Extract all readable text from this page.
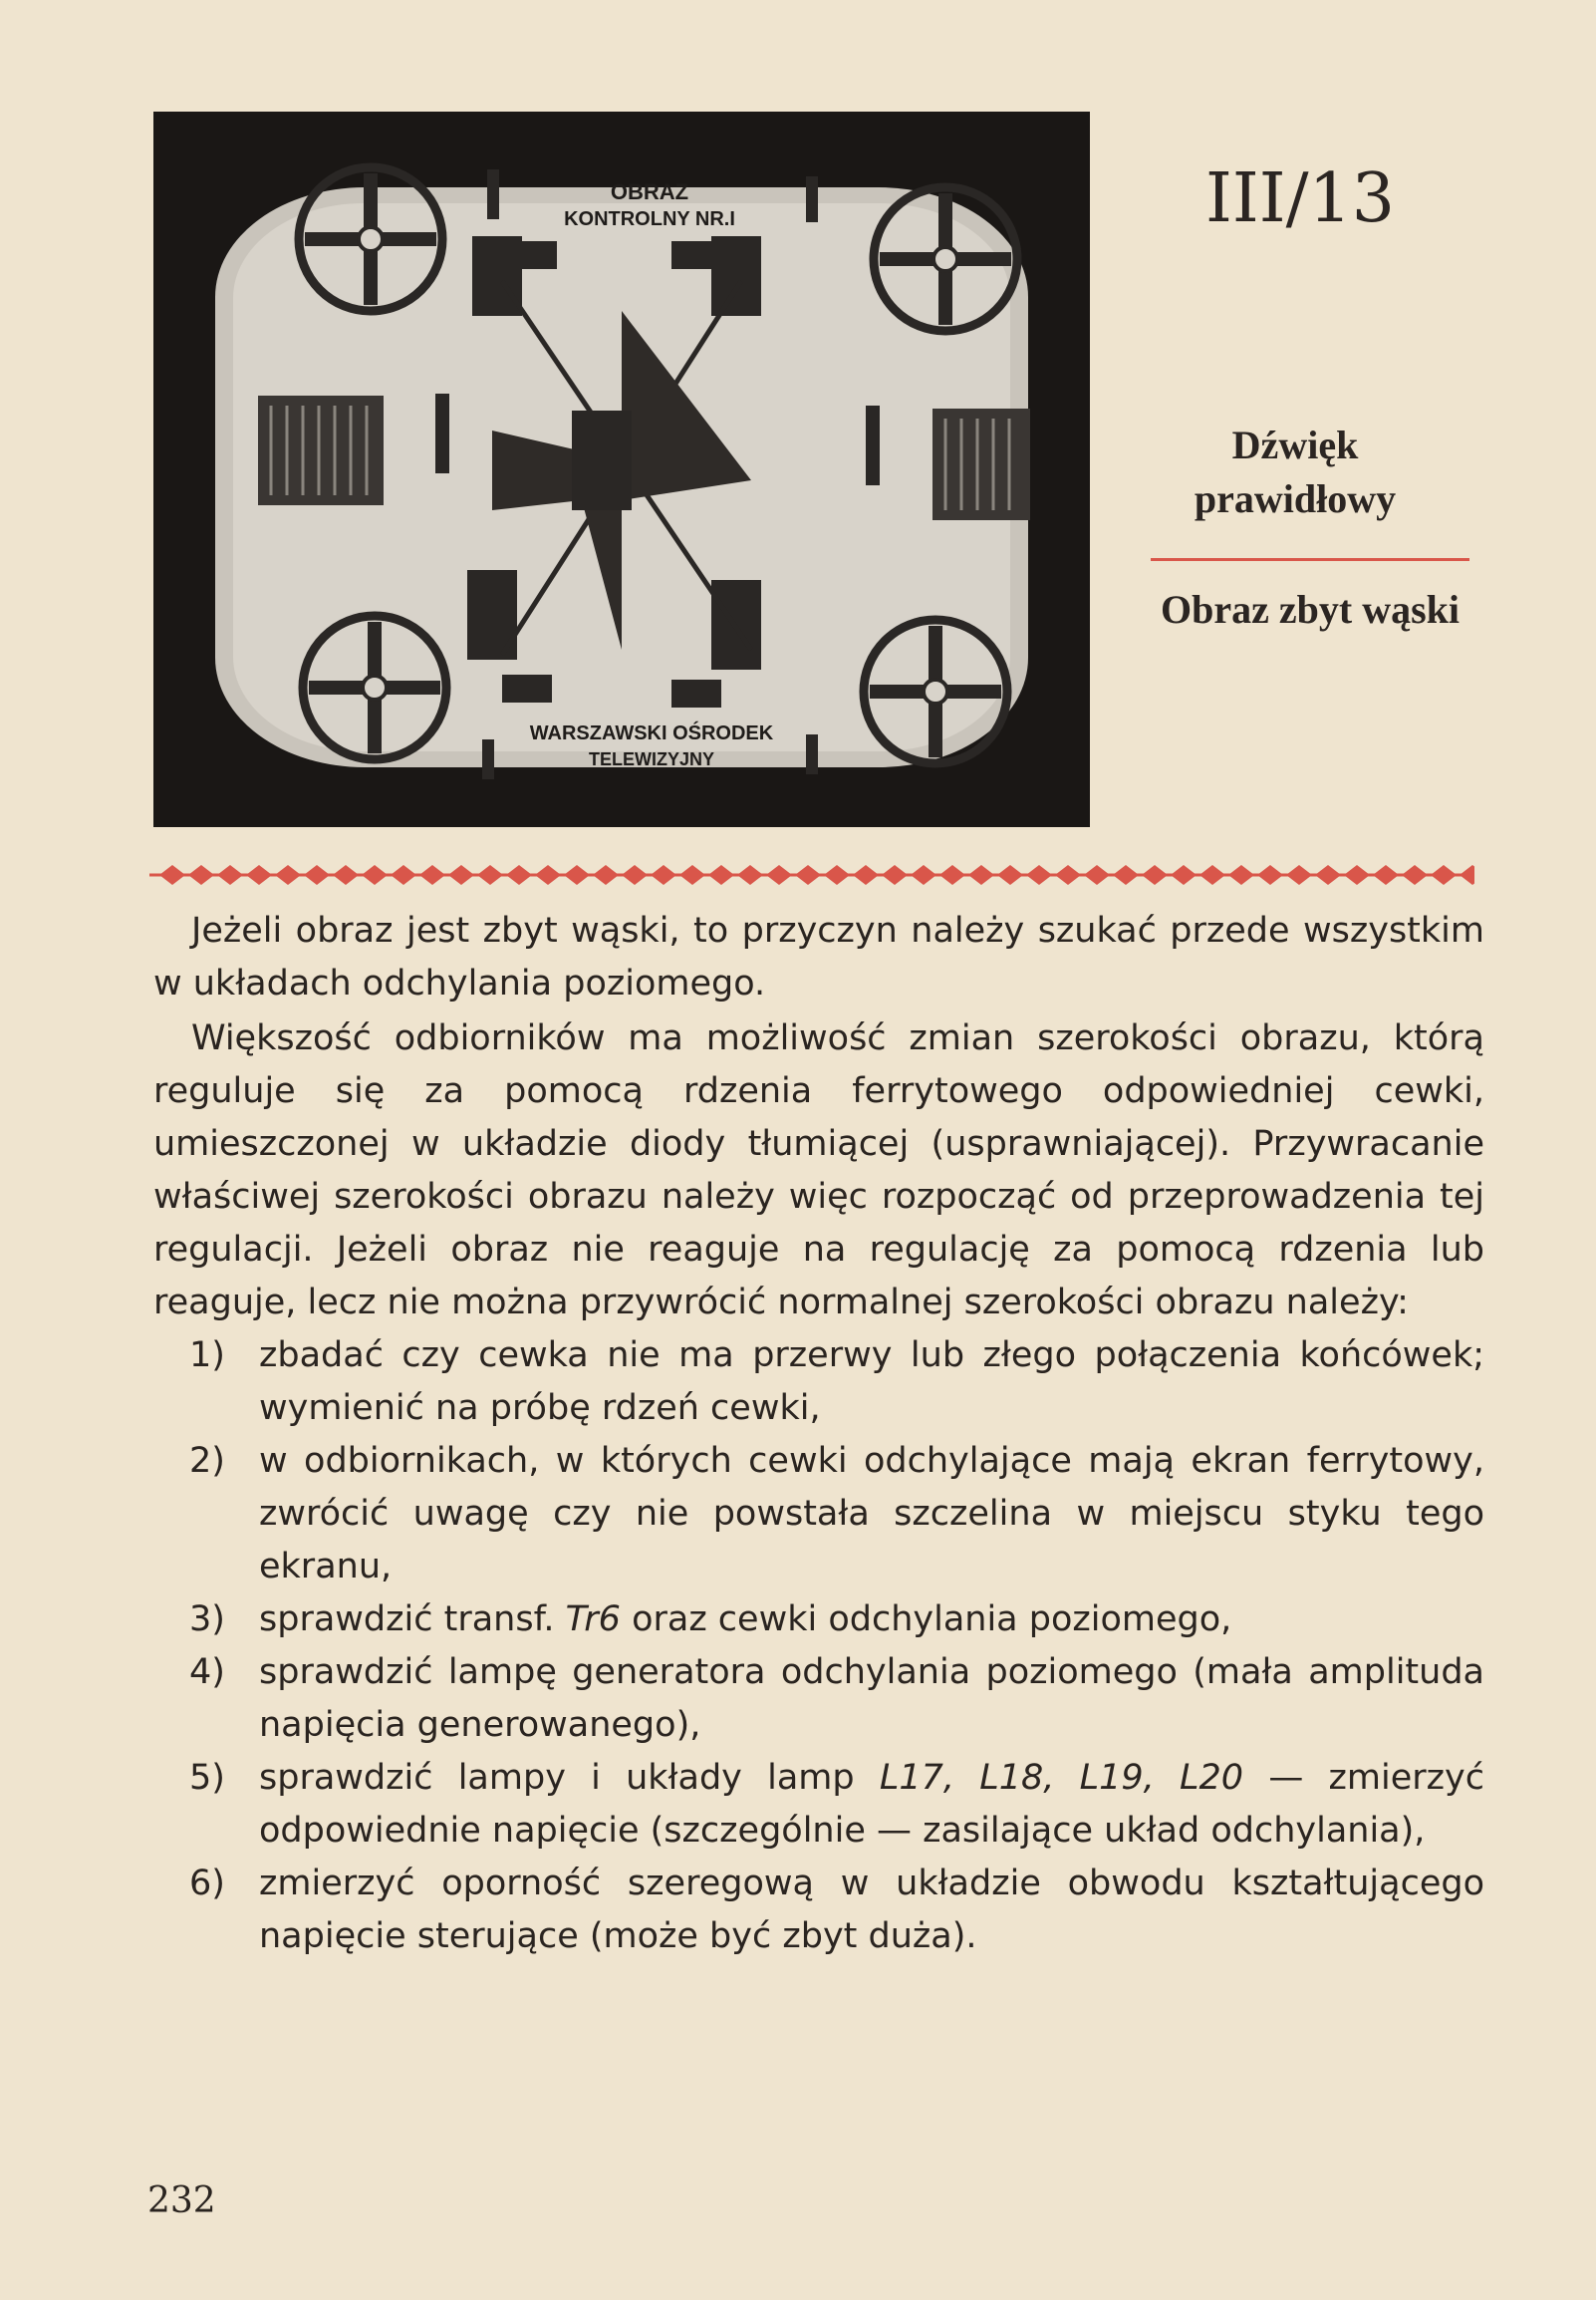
OBRAZ
KONTROLNY NR.I
WARSZAWSKI OŚRODEK
TELEWIZYJNY
III/13
Dźwięk
prawidłowy
Obraz zbyt wąski

Jeżeli obraz jest zbyt wąski, to przyczyn należy szukać przede wszystkim w układach odchylania poziomego.

Większość odbiorników ma możliwość zmian szerokości obrazu, którą reguluje się za pomocą rdzenia ferrytowego odpowiedniej cewki, umieszczonej w układzie diody tłumiącej (usprawniającej). Przywracanie właściwej szerokości obrazu należy więc rozpocząć od przeprowadzenia tej regulacji. Jeżeli obraz nie reaguje na regulację za pomocą rdzenia lub reaguje, lecz nie można przywrócić normalnej szerokości obrazu należy:

1) zbadać czy cewka nie ma przerwy lub złego połączenia końcówek; wymienić na próbę rdzeń cewki,
2) w odbiornikach, w których cewki odchylające mają ekran ferrytowy, zwrócić uwagę czy nie powstała szczelina w miejscu styku tego ekranu,
3) sprawdzić transf. Tr6 oraz cewki odchylania poziomego,
4) sprawdzić lampę generatora odchylania poziomego (mała amplituda napięcia generowanego),
5) sprawdzić lampy i układy lamp L17, L18, L19, L20 — zmierzyć odpowiednie napięcie (szczególnie — zasilające układ odchylania),
6) zmierzyć oporność szeregową w układzie obwodu kształtującego napięcie sterujące (może być zbyt duża).
232
